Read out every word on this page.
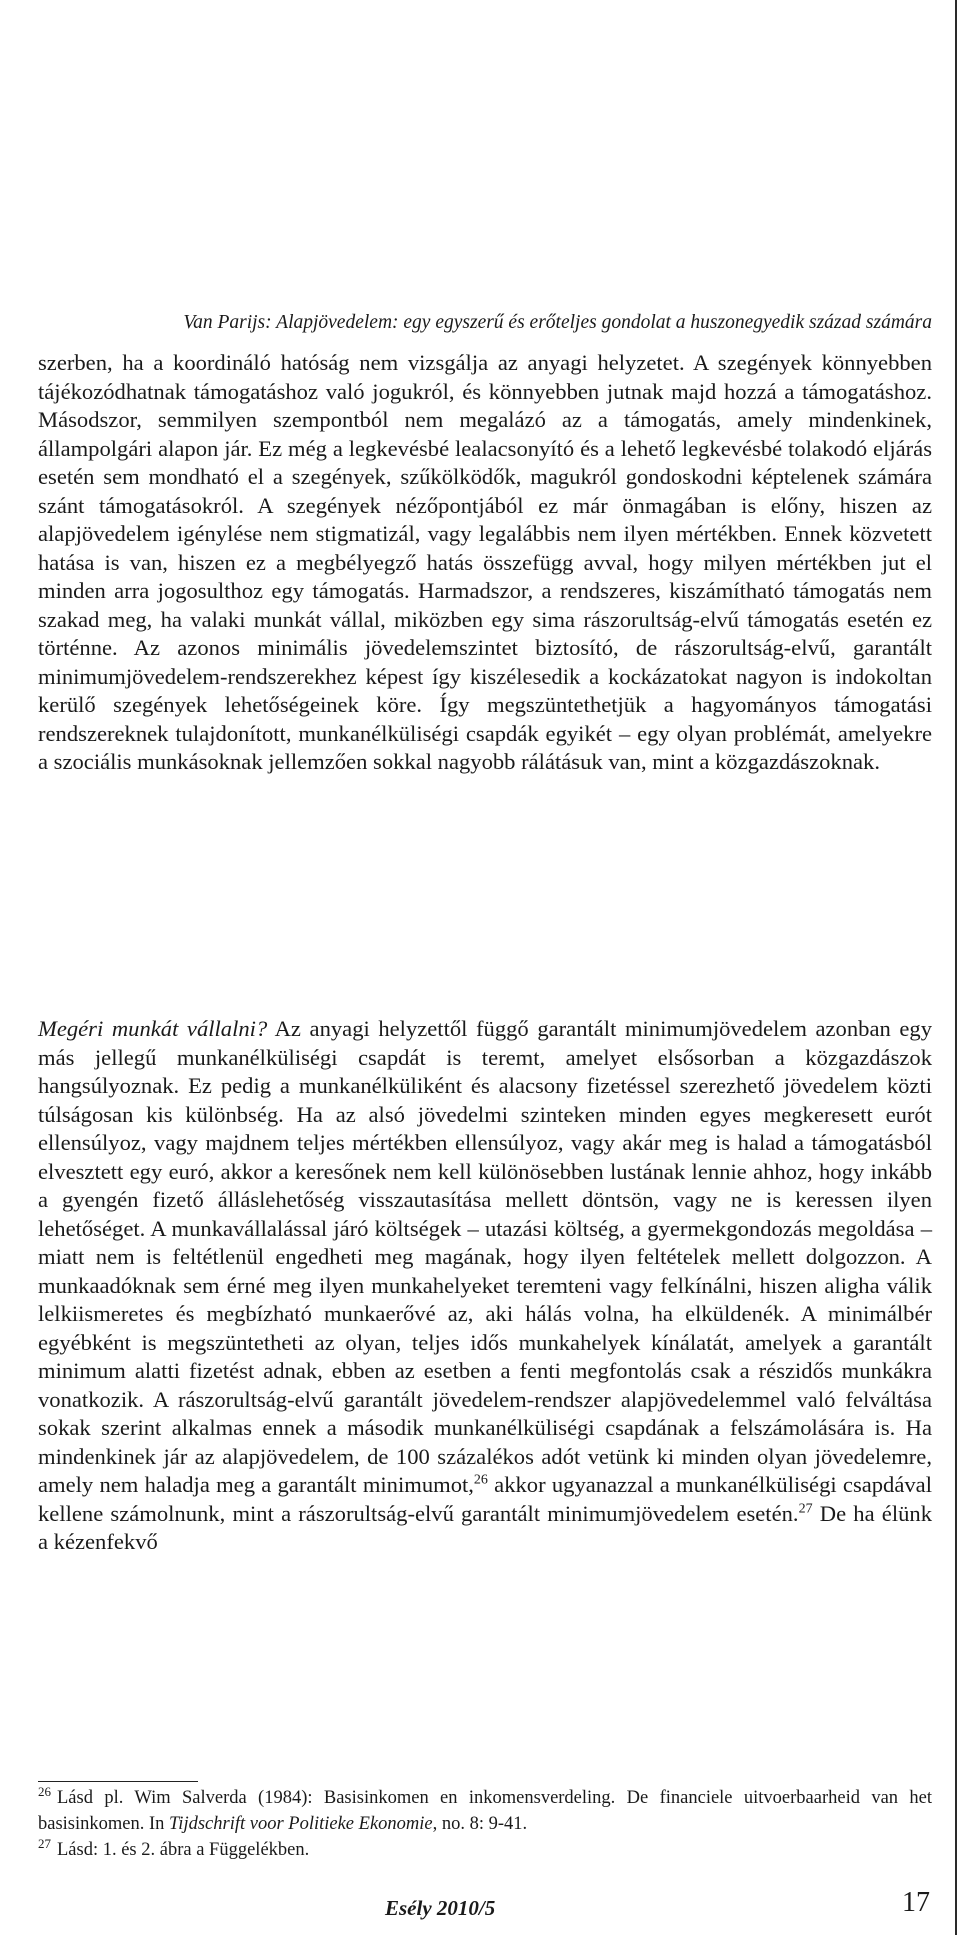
Van Parijs: Alapjövedelem: egy egyszerű és erőteljes gondolat a huszonegyedik század számára

szerben, ha a koordináló hatóság nem vizsgálja az anyagi helyzetet. A szegények könnyebben tájékozódhatnak támogatáshoz való jogukról, és könnyebben jutnak majd hozzá a támogatáshoz. Másodszor, semmilyen szempontból nem megalázó az a támogatás, amely mindenkinek, állampolgári alapon jár. Ez még a legkevésbé lealacsonyító és a lehető legkevésbé tolakodó eljárás esetén sem mondható el a szegények, szűkölködők, magukról gondoskodni képtelenek számára szánt támogatásokról. A szegények nézőpontjából ez már önmagában is előny, hiszen az alapjövedelem igénylése nem stigmatizál, vagy legalábbis nem ilyen mértékben. Ennek közvetett hatása is van, hiszen ez a megbélyegző hatás összefügg avval, hogy milyen mértékben jut el minden arra jogosulthoz egy támogatás. Harmadszor, a rendszeres, kiszámítható támogatás nem szakad meg, ha valaki munkát vállal, miközben egy sima rászorultság-elvű támogatás esetén ez történne. Az azonos minimális jövedelemszintet biztosító, de rászorultság-elvű, garantált minimumjövedelem-rendszerekhez képest így kiszélesedik a kockázatokat nagyon is indokoltan kerülő szegények lehetőségeinek köre. Így megszüntethetjük a hagyományos támogatási rendszereknek tulajdonított, munkanélküliségi csapdák egyikét – egy olyan problémát, amelyekre a szociális munkásoknak jellemzően sokkal nagyobb rálátásuk van, mint a közgazdászoknak.

Megéri munkát vállalni? Az anyagi helyzettől függő garantált minimumjövedelem azonban egy más jellegű munkanélküliségi csapdát is teremt, amelyet elsősorban a közgazdászok hangsúlyoznak. Ez pedig a munkanélküliként és alacsony fizetéssel szerezhető jövedelem közti túlságosan kis különbség. Ha az alsó jövedelmi szinteken minden egyes megkeresett eurót ellensúlyoz, vagy majdnem teljes mértékben ellensúlyoz, vagy akár meg is halad a támogatásból elvesztett egy euró, akkor a keresőnek nem kell különösebben lustának lennie ahhoz, hogy inkább a gyengén fizető álláslehetőség visszautasítása mellett döntsön, vagy ne is keressen ilyen lehetőséget. A munkavállalással járó költségek – utazási költség, a gyermekgondozás megoldása – miatt nem is feltétlenül engedheti meg magának, hogy ilyen feltételek mellett dolgozzon. A munkaadóknak sem érné meg ilyen munkahelyeket teremteni vagy felkínálni, hiszen aligha válik lelkiismeretes és megbízható munkaerővé az, aki hálás volna, ha elküldenék. A minimálbér egyébként is megszüntetheti az olyan, teljes idős munkahelyek kínálatát, amelyek a garantált minimum alatti fizetést adnak, ebben az esetben a fenti megfontolás csak a részidős munkákra vonatkozik. A rászorultság-elvű garantált jövedelem-rendszer alapjövedelemmel való felváltása sokak szerint alkalmas ennek a második munkanélküliségi csapdának a felszámolására is. Ha mindenkinek jár az alapjövedelem, de 100 százalékos adót vetünk ki minden olyan jövedelemre, amely nem haladja meg a garantált minimumot,$^{26}$ akkor ugyanazzal a munkanélküliségi csapdával kellene számolnunk, mint a rászorultság-elvű garantált minimumjövedelem esetén.$^{27}$ De ha élünk a kézenfekvő

$^{26}$ Lásd pl. Wim Salverda (1984): Basisinkomen en inkomensverdeling. De financiele uitvoerbaarheid van het basisinkomen. In Tijdschrift voor Politieke Ekonomie, no. 8: 9-41.

$^{27}$ Lásd: 1. és 2. ábra a Függelékben.

Esély 2010/5	17
